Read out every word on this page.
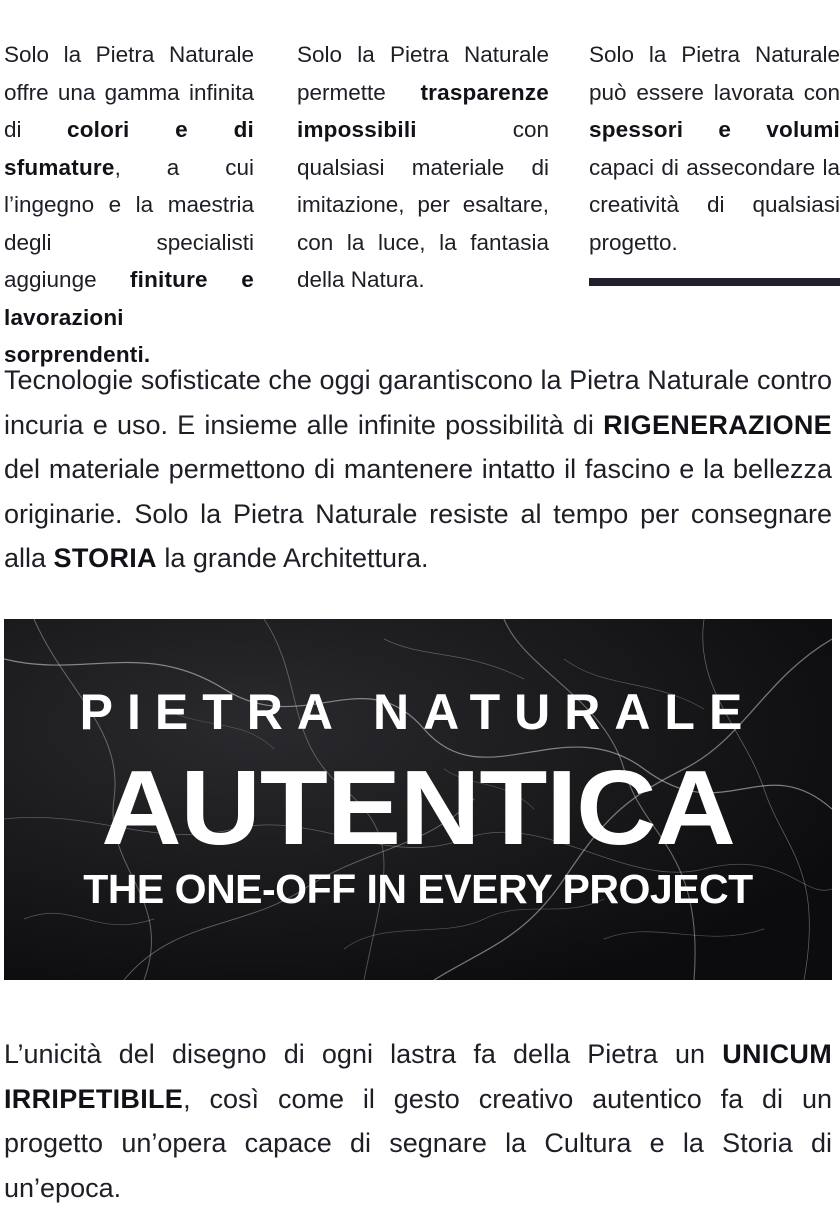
Solo la Pietra Naturale offre una gamma infinita di colori e di sfumature, a cui l’ingegno e la maestria degli specialisti aggiunge finiture e lavorazioni sorprendenti.

Solo la Pietra Naturale permette trasparenze impossibili con qualsiasi materiale di imitazione, per esaltare, con la luce, la fantasia della Natura.

Solo la Pietra Naturale può essere lavorata con spessori e volumi capaci di assecondare la creatività di qualsiasi progetto.

Tecnologie sofisticate che oggi garantiscono la Pietra Naturale contro incuria e uso. E insieme alle infinite possibilità di RIGENERAZIONE del materiale permettono di mantenere intatto il fascino e la bellezza originarie. Solo la Pietra Naturale resiste al tempo per consegnare alla STORIA la grande Architettura.

PIETRA NATURALE
AUTENTICA
THE ONE-OFF IN EVERY PROJECT

L’unicità del disegno di ogni lastra fa della Pietra un UNICUM IRRIPETIBILE, così come il gesto creativo autentico fa di un progetto un’opera capace di segnare la Cultura e la Storia di un’epoca.
